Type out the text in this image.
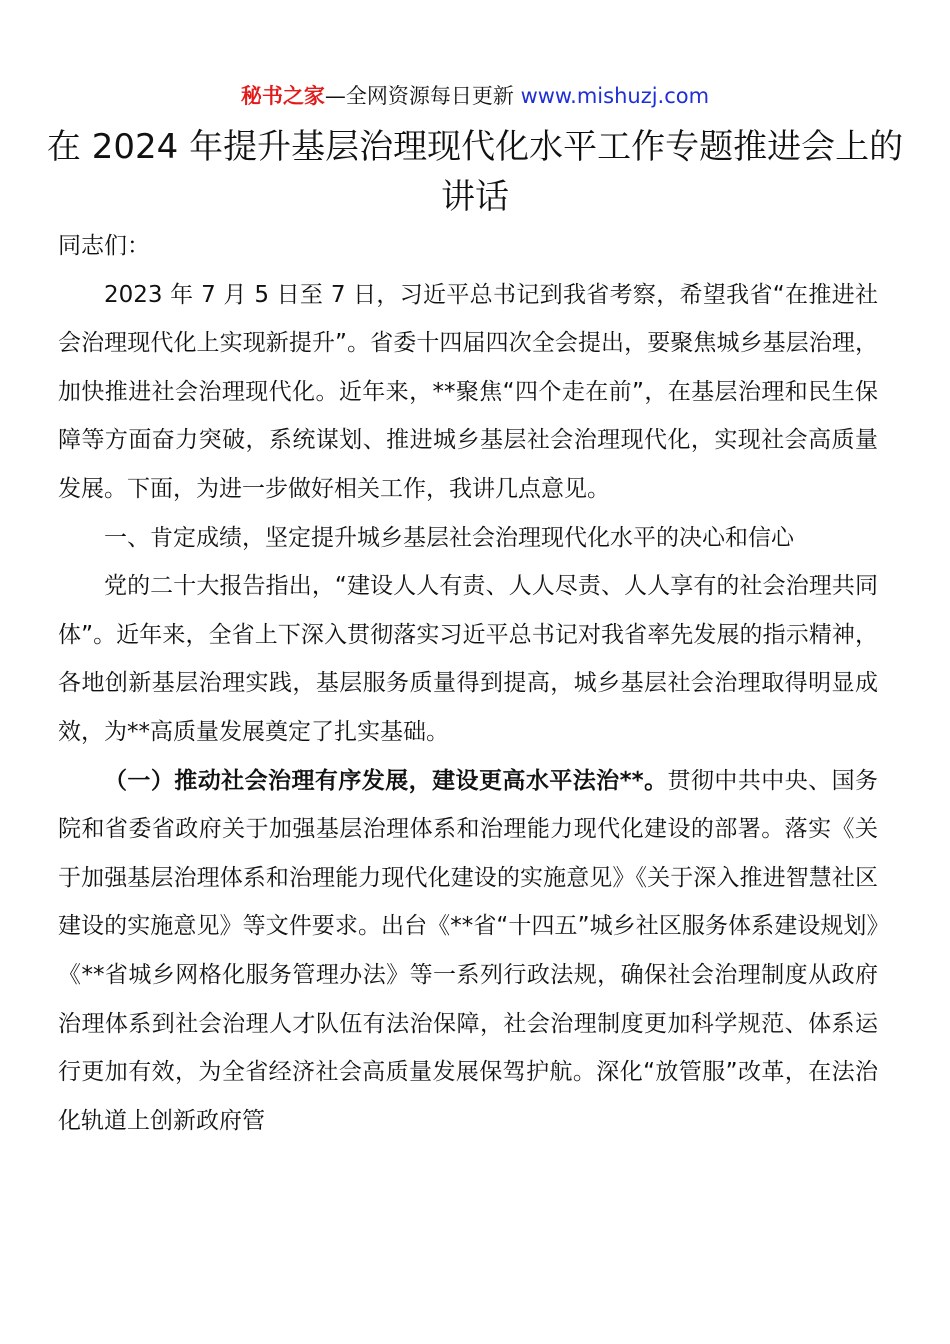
秘书之家—全网资源每日更新 www.mishuzj.com
在 2024 年提升基层治理现代化水平工作专题推进会上的讲话

同志们：

2023 年 7 月 5 日至 7 日，习近平总书记到我省考察，希望我省“在推进社会治理现代化上实现新提升”。省委十四届四次全会提出，要聚焦城乡基层治理，加快推进社会治理现代化。近年来，**聚焦“四个走在前”，在基层治理和民生保障等方面奋力突破，系统谋划、推进城乡基层社会治理现代化，实现社会高质量发展。下面，为进一步做好相关工作，我讲几点意见。

一、肯定成绩，坚定提升城乡基层社会治理现代化水平的决心和信心

党的二十大报告指出，“建设人人有责、人人尽责、人人享有的社会治理共同体”。近年来，全省上下深入贯彻落实习近平总书记对我省率先发展的指示精神，各地创新基层治理实践，基层服务质量得到提高，城乡基层社会治理取得明显成效，为**高质量发展奠定了扎实基础。

（一）推动社会治理有序发展，建设更高水平法治**。贯彻中共中央、国务院和省委省政府关于加强基层治理体系和治理能力现代化建设的部署。落实《关于加强基层治理体系和治理能力现代化建设的实施意见》《关于深入推进智慧社区建设的实施意见》等文件要求。出台《**省“十四五”城乡社区服务体系建设规划》《**省城乡网格化服务管理办法》等一系列行政法规，确保社会治理制度从政府治理体系到社会治理人才队伍有法治保障，社会治理制度更加科学规范、体系运行更加有效，为全省经济社会高质量发展保驾护航。深化“放管服”改革，在法治化轨道上创新政府管
